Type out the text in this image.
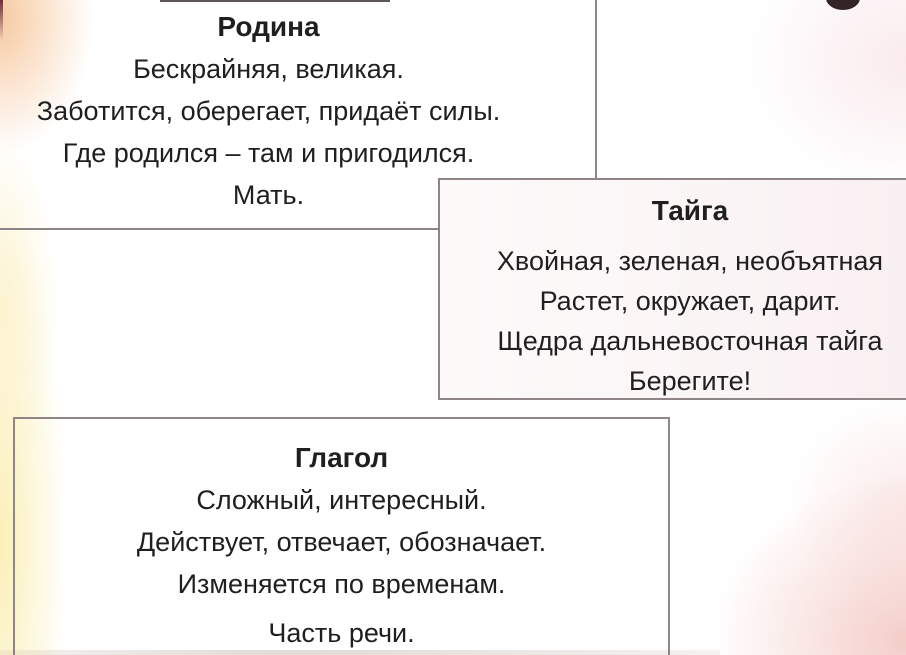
Родина
Бескрайняя, великая.
Заботится, оберегает, придаёт силы.
Где родился – там и пригодился.
Мать.	Тайга
Хвойная, зеленая, необъятная
Растет, окружает, дарит.
Щедра дальневосточная тайга
Берегите!
Глагол
Сложный, интересный.
Действует, отвечает, обозначает.
Изменяется по временам.
Часть речи.
